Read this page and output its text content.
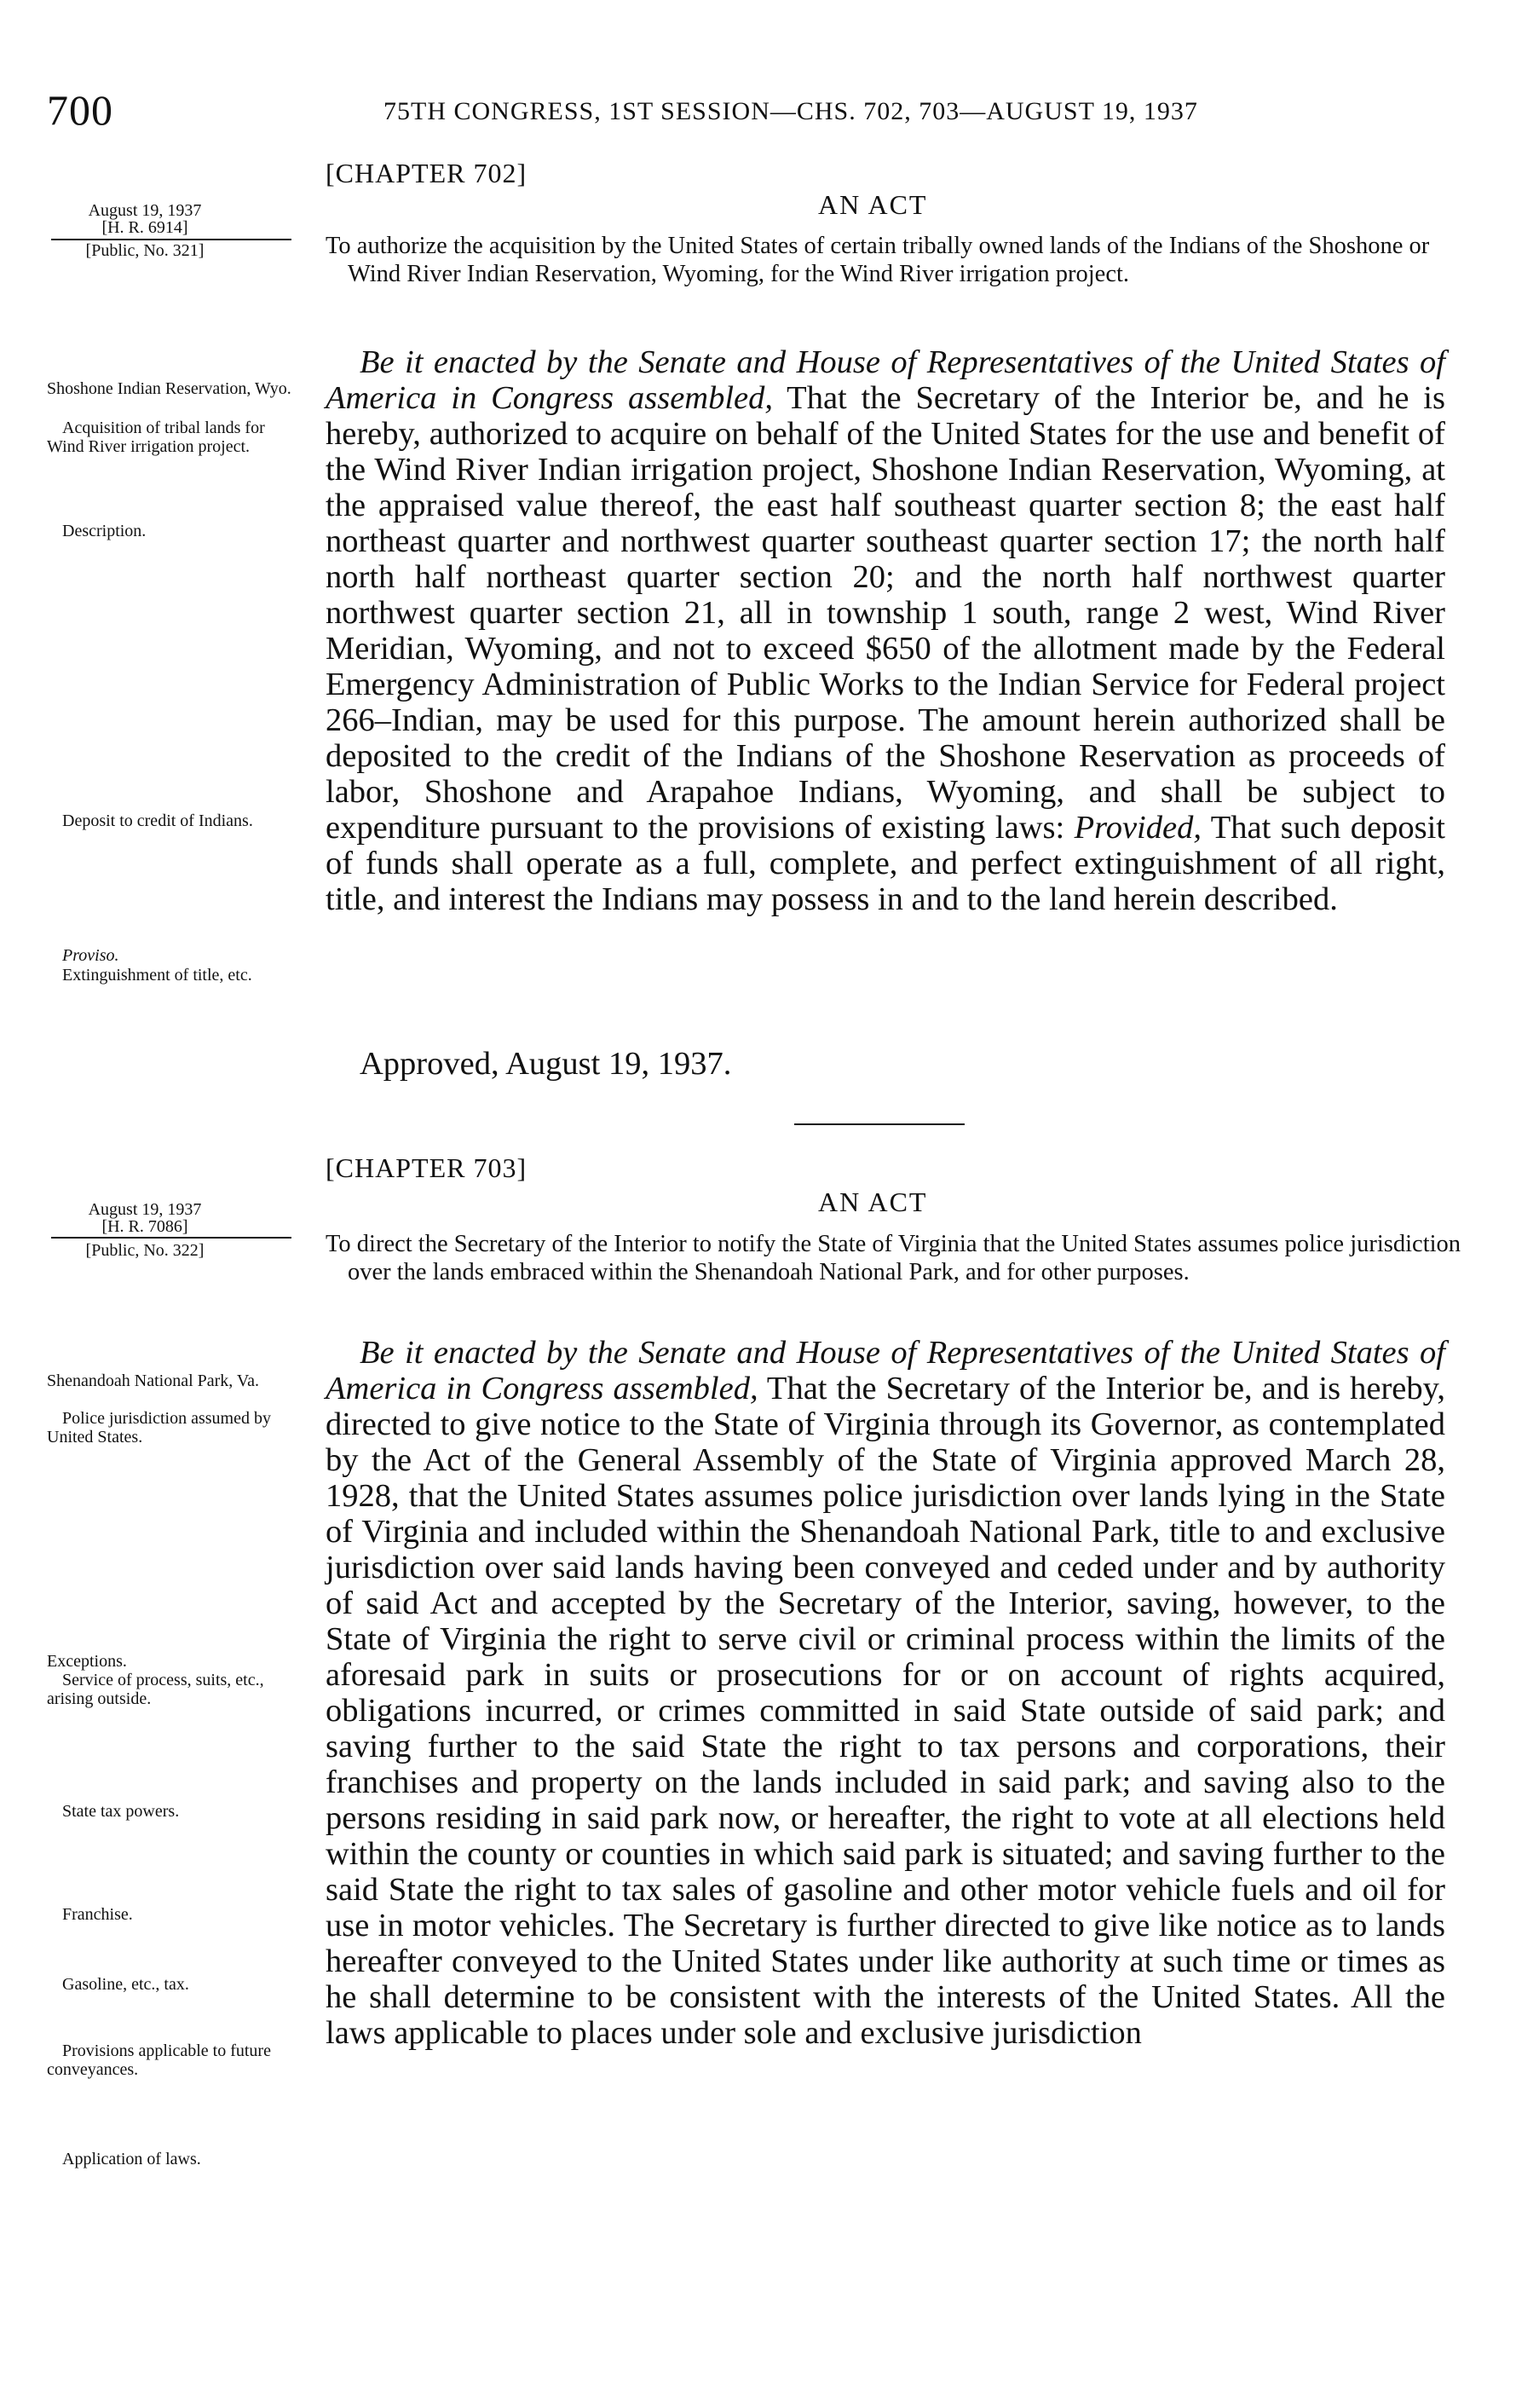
700	75TH CONGRESS, 1ST SESSION—CHS. 702, 703—AUGUST 19, 1937
August 19, 1937
[H. R. 6914]
[Public, No. 321]
[CHAPTER 702]
AN ACT

To authorize the acquisition by the United States of certain tribally owned lands of the Indians of the Shoshone or Wind River Indian Reservation, Wyoming, for the Wind River irrigation project.

Shoshone Indian Reservation, Wyo.
Acquisition of tribal lands for Wind River irrigation project.
Description.
Deposit to credit of Indians.
Proviso.
Extinguishment of title, etc.

Be it enacted by the Senate and House of Representatives of the United States of America in Congress assembled, That the Secretary of the Interior be, and he is hereby, authorized to acquire on behalf of the United States for the use and benefit of the Wind River Indian irrigation project, Shoshone Indian Reservation, Wyoming, at the appraised value thereof, the east half southeast quarter section 8; the east half northeast quarter and northwest quarter southeast quarter section 17; the north half north half northeast quarter section 20; and the north half northwest quarter northwest quarter section 21, all in township 1 south, range 2 west, Wind River Meridian, Wyoming, and not to exceed $650 of the allotment made by the Federal Emergency Administration of Public Works to the Indian Service for Federal project 266–Indian, may be used for this purpose. The amount herein authorized shall be deposited to the credit of the Indians of the Shoshone Reservation as proceeds of labor, Shoshone and Arapahoe Indians, Wyoming, and shall be subject to expenditure pursuant to the provisions of existing laws: Provided, That such deposit of funds shall operate as a full, complete, and perfect extinguishment of all right, title, and interest the Indians may possess in and to the land herein described.

Approved, August 19, 1937.
August 19, 1937
[H. R. 7086]
[Public, No. 322]
[CHAPTER 703]
AN ACT

To direct the Secretary of the Interior to notify the State of Virginia that the United States assumes police jurisdiction over the lands embraced within the Shenandoah National Park, and for other purposes.

Shenandoah National Park, Va.
Police jurisdiction assumed by United States.
Exceptions.
Service of process, suits, etc., arising outside.
State tax powers.
Franchise.
Gasoline, etc., tax.
Provisions applicable to future conveyances.
Application of laws.

Be it enacted by the Senate and House of Representatives of the United States of America in Congress assembled, That the Secretary of the Interior be, and is hereby, directed to give notice to the State of Virginia through its Governor, as contemplated by the Act of the General Assembly of the State of Virginia approved March 28, 1928, that the United States assumes police jurisdiction over lands lying in the State of Virginia and included within the Shenandoah National Park, title to and exclusive jurisdiction over said lands having been conveyed and ceded under and by authority of said Act and accepted by the Secretary of the Interior, saving, however, to the State of Virginia the right to serve civil or criminal process within the limits of the aforesaid park in suits or prosecutions for or on account of rights acquired, obligations incurred, or crimes committed in said State outside of said park; and saving further to the said State the right to tax persons and corporations, their franchises and property on the lands included in said park; and saving also to the persons residing in said park now, or hereafter, the right to vote at all elections held within the county or counties in which said park is situated; and saving further to the said State the right to tax sales of gasoline and other motor vehicle fuels and oil for use in motor vehicles. The Secretary is further directed to give like notice as to lands hereafter conveyed to the United States under like authority at such time or times as he shall determine to be consistent with the interests of the United States. All the laws applicable to places under sole and exclusive jurisdiction
